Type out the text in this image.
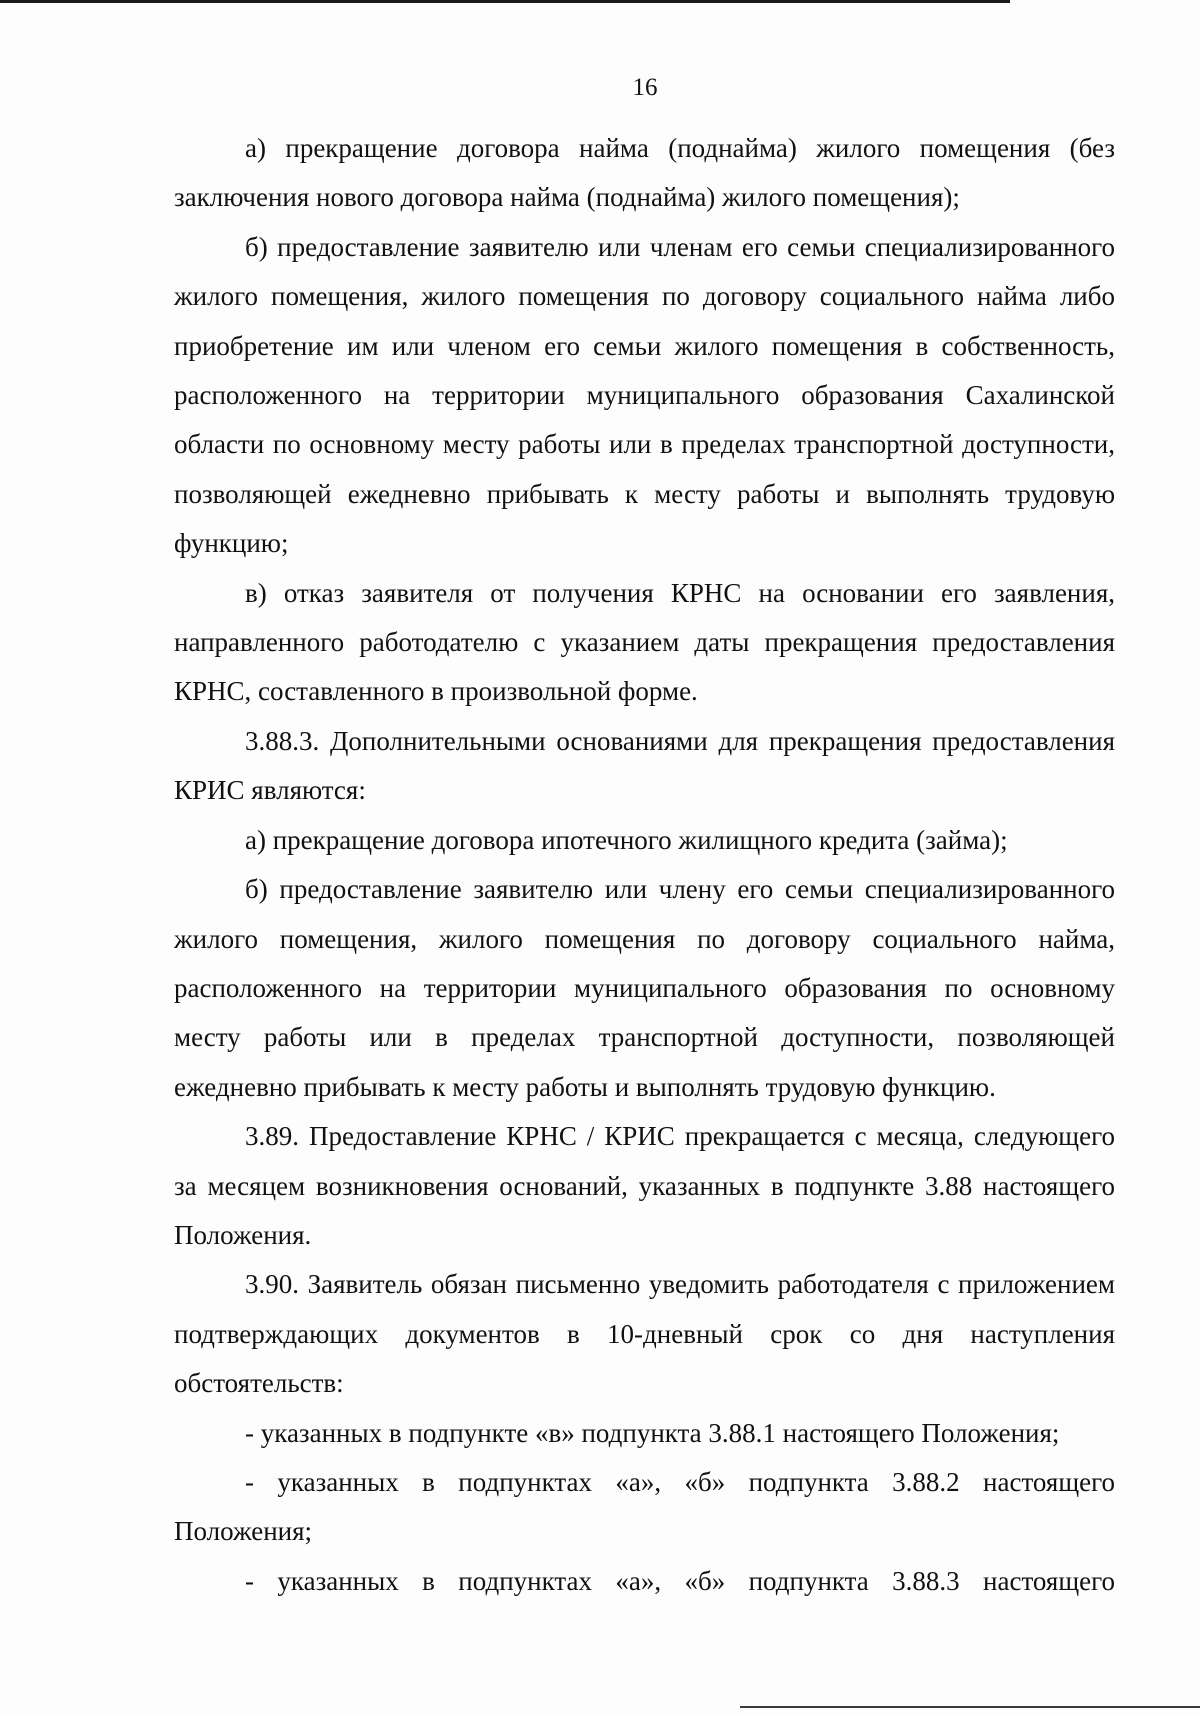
16

а) прекращение договора найма (поднайма) жилого помещения (без заключения нового договора найма (поднайма) жилого помещения);

б) предоставление заявителю или членам его семьи специализированного жилого помещения, жилого помещения по договору социального найма либо приобретение им или членом его семьи жилого помещения в собственность, расположенного на территории муниципального образования Сахалинской области по основному месту работы или в пределах транспортной доступности, позволяющей ежедневно прибывать к месту работы и выполнять трудовую функцию;

в) отказ заявителя от получения КРНС на основании его заявления, направленного работодателю с указанием даты прекращения предоставления КРНС, составленного в произвольной форме.

3.88.3. Дополнительными основаниями для прекращения предоставления КРИС являются:

а) прекращение договора ипотечного жилищного кредита (займа);

б) предоставление заявителю или члену его семьи специализированного жилого помещения, жилого помещения по договору социального найма, расположенного на территории муниципального образования по основному месту работы или в пределах транспортной доступности, позволяющей ежедневно прибывать к месту работы и выполнять трудовую функцию.

3.89. Предоставление КРНС / КРИС прекращается с месяца, следующего за месяцем возникновения оснований, указанных в подпункте 3.88 настоящего Положения.

3.90. Заявитель обязан письменно уведомить работодателя с приложением подтверждающих документов в 10-дневный срок со дня наступления обстоятельств:

- указанных в подпункте «в» подпункта 3.88.1 настоящего Положения;

- указанных в подпунктах «а», «б» подпункта 3.88.2 настоящего Положения;

- указанных в подпунктах «а», «б» подпункта 3.88.3 настоящего
